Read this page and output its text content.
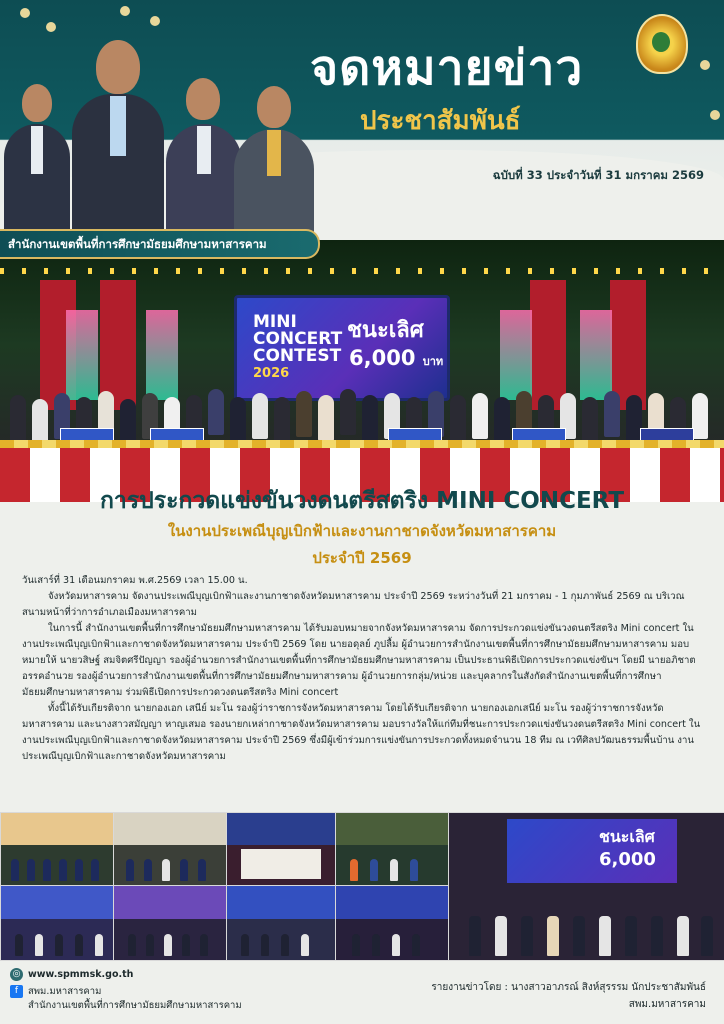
จดหมายข่าว
ประชาสัมพันธ์
ฉบับที่ 33 ประจำวันที่ 31 มกราคม 2569
MINI
CONCERT
CONTEST
2026
ชนะเลิศ
6,000 บาท
สำนักงานเขตพื้นที่การศึกษามัธยมศึกษามหาสารคาม
การประกวดแข่งขันวงดนตรีสตริง MINI CONCERT
ในงานประเพณีบุญเบิกฟ้าและงานกาชาดจังหวัดมหาสารคาม
ประจำปี 2569

วันเสาร์ที่ 31 เดือนมกราคม พ.ศ.2569 เวลา 15.00 น.

จังหวัดมหาสารคาม จัดงานประเพณีบุญเบิกฟ้าและงานกาชาดจังหวัดมหาสารคาม ประจำปี 2569 ระหว่างวันที่ 21 มกราคม - 1 กุมภาพันธ์ 2569 ณ บริเวณสนามหน้าที่ว่าการอำเภอเมืองมหาสารคาม

ในการนี้ สำนักงานเขตพื้นที่การศึกษามัธยมศึกษามหาสารคาม ได้รับมอบหมายจากจังหวัดมหาสารคาม จัดการประกวดแข่งขันวงดนตรีสตริง Mini concert ในงานประเพณีบุญเบิกฟ้าและกาชาดจังหวัดมหาสารคาม ประจำปี 2569 โดย นายอดุลย์ ภูปลื้ม ผู้อำนวยการสำนักงานเขตพื้นที่การศึกษามัธยมศึกษามหาสารคาม มอบหมายให้ นายวสิษฐ์ สมจิตศรีปัญญา รองผู้อำนวยการสำนักงานเขตพื้นที่การศึกษามัธยมศึกษามหาสารคาม เป็นประธานพิธีเปิดการประกวดแข่งขันฯ โดยมี นายอภิชาต อรรคอำนวย รองผู้อำนวยการสำนักงานเขตพื้นที่การศึกษามัธยมศึกษามหาสารคาม ผู้อำนวยการกลุ่ม/หน่วย และบุคลากรในสังกัดสำนักงานเขตพื้นที่การศึกษามัธยมศึกษามหาสารคาม ร่วมพิธีเปิดการประกวดวงดนตรีสตริง Mini concert

ทั้งนี้ได้รับเกียรติจาก นายกองเอก เสนีย์ มะโน รองผู้ว่าราชการจังหวัดมหาสารคาม โดยได้รับเกียรติจาก นายกองเอกเสนีย์ มะโน รองผู้ว่าราชการจังหวัดมหาสารคาม และนางสาวสมัญญา หาญเสมอ รองนายกเหล่ากาชาดจังหวัดมหาสารคาม มอบรางวัลให้แก่ทีมที่ชนะการประกวดแข่งขันวงดนตรีสตริง Mini concert ในงานประเพณีบุญเบิกฟ้าและกาชาดจังหวัดมหาสารคาม ประจำปี 2569 ซึ่งมีผู้เข้าร่วมการแข่งขันการประกวดทั้งหมดจำนวน 18 ทีม ณ เวทีศิลปวัฒนธรรมพื้นบ้าน งานประเพณีบุญเบิกฟ้าและกาชาดจังหวัดมหาสารคาม

ชนะเลิศ
6,000
◎ www.spmmsk.go.th
f สพม.มหาสารคาม
สำนักงานเขตพื้นที่การศึกษามัธยมศึกษามหาสารคาม
รายงานข่าวโดย : นางสาวอาภรณ์ สิงห์สุรรรม นักประชาสัมพันธ์
สพม.มหาสารคาม
